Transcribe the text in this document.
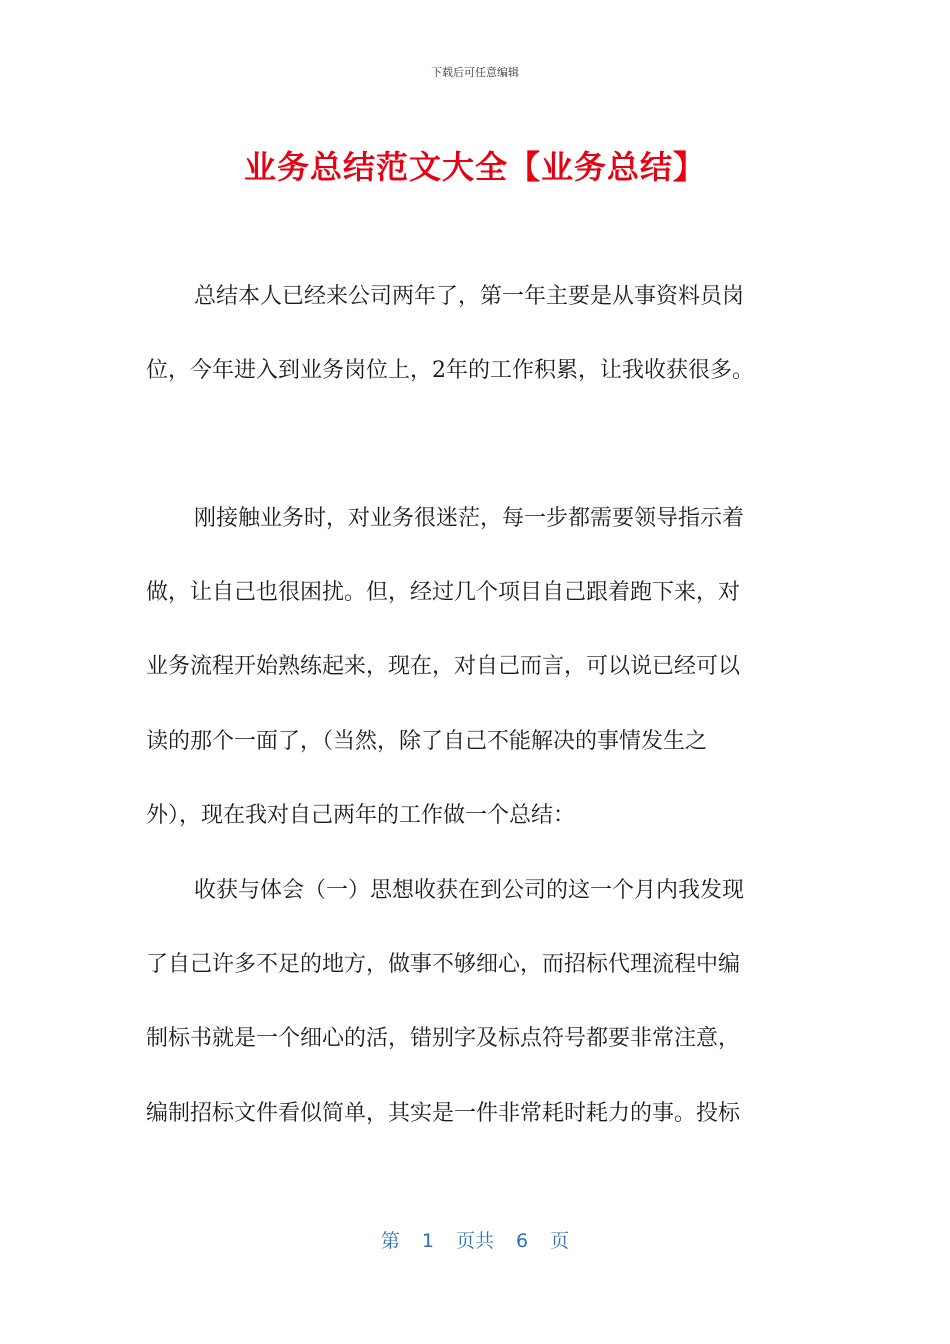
下载后可任意编辑
业务总结范文大全【业务总结】
总结本人已经来公司两年了，第一年主要是从事资料员岗
位，今年进入到业务岗位上，2年的工作积累，让我收获很多。
刚接触业务时，对业务很迷茫，每一步都需要领导指示着
做，让自己也很困扰。但，经过几个项目自己跟着跑下来，对
业务流程开始熟练起来，现在，对自己而言，可以说已经可以
读的那个一面了，（当然，除了自己不能解决的事情发生之
外），现在我对自己两年的工作做一个总结：
收获与体会（一）思想收获在到公司的这一个月内我发现
了自己许多不足的地方，做事不够细心，而招标代理流程中编
制标书就是一个细心的活，错别字及标点符号都要非常注意，
编制招标文件看似简单，其实是一件非常耗时耗力的事。投标
第 1 页共 6 页
